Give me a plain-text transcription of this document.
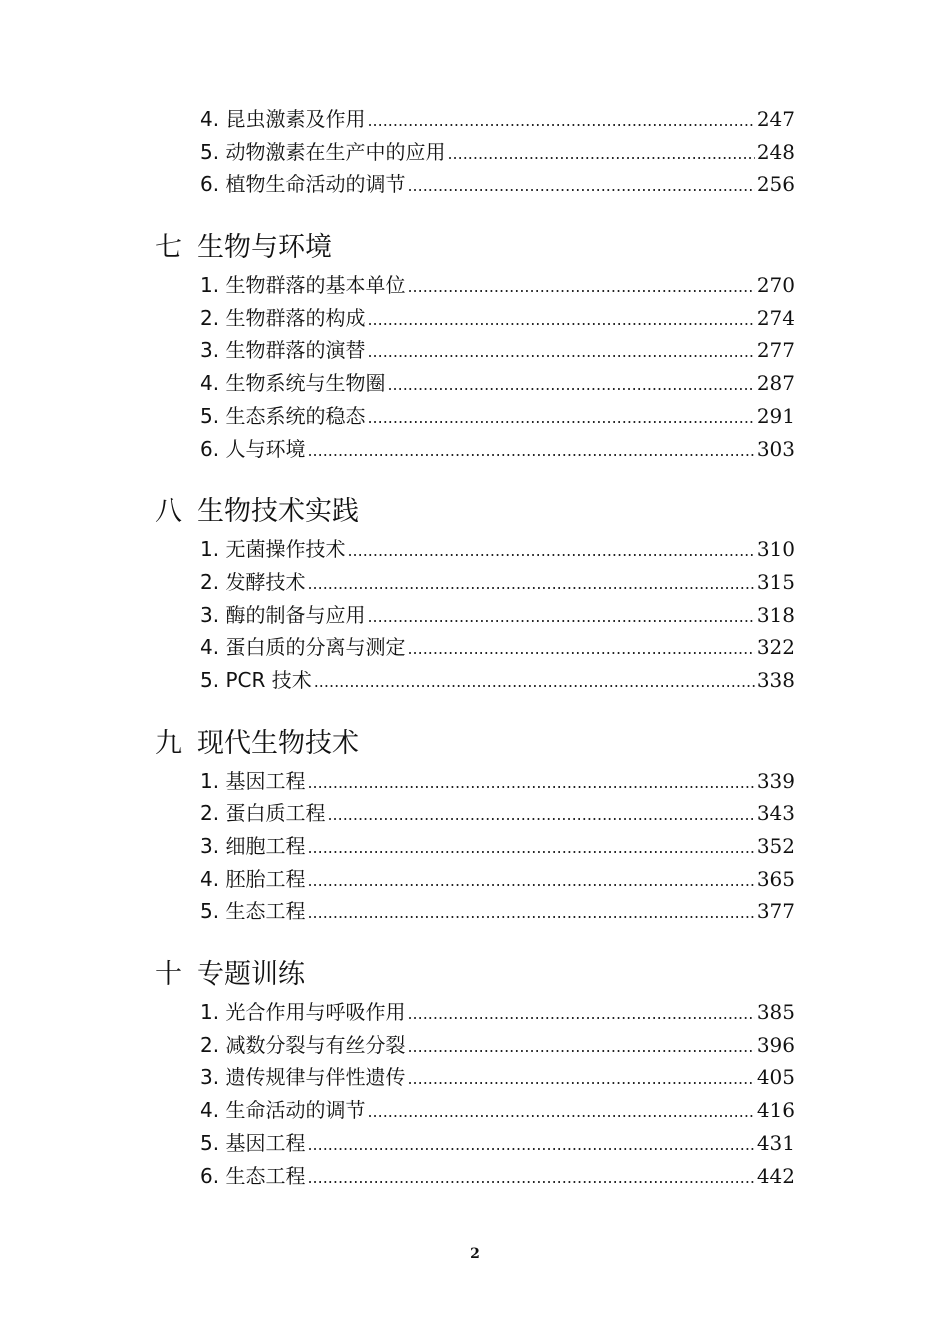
4. 昆虫激素及作用 .....	247
5. 动物激素在生产中的应用 .....	248
6. 植物生命活动的调节 .....	256
七 生物与环境
1. 生物群落的基本单位 .....	270
2. 生物群落的构成 .....	274
3. 生物群落的演替 .....	277
4. 生物系统与生物圈 .....	287
5. 生态系统的稳态 .....	291
6. 人与环境 .....	303
八 生物技术实践
1. 无菌操作技术 .....	310
2. 发酵技术 .....	315
3. 酶的制备与应用 .....	318
4. 蛋白质的分离与测定 .....	322
5. PCR 技术 .....	338
九 现代生物技术
1. 基因工程 .....	339
2. 蛋白质工程 .....	343
3. 细胞工程 .....	352
4. 胚胎工程 .....	365
5. 生态工程 .....	377
十 专题训练
1. 光合作用与呼吸作用 .....	385
2. 减数分裂与有丝分裂 .....	396
3. 遗传规律与伴性遗传 .....	405
4. 生命活动的调节 .....	416
5. 基因工程 .....	431
6. 生态工程 .....	442
2
